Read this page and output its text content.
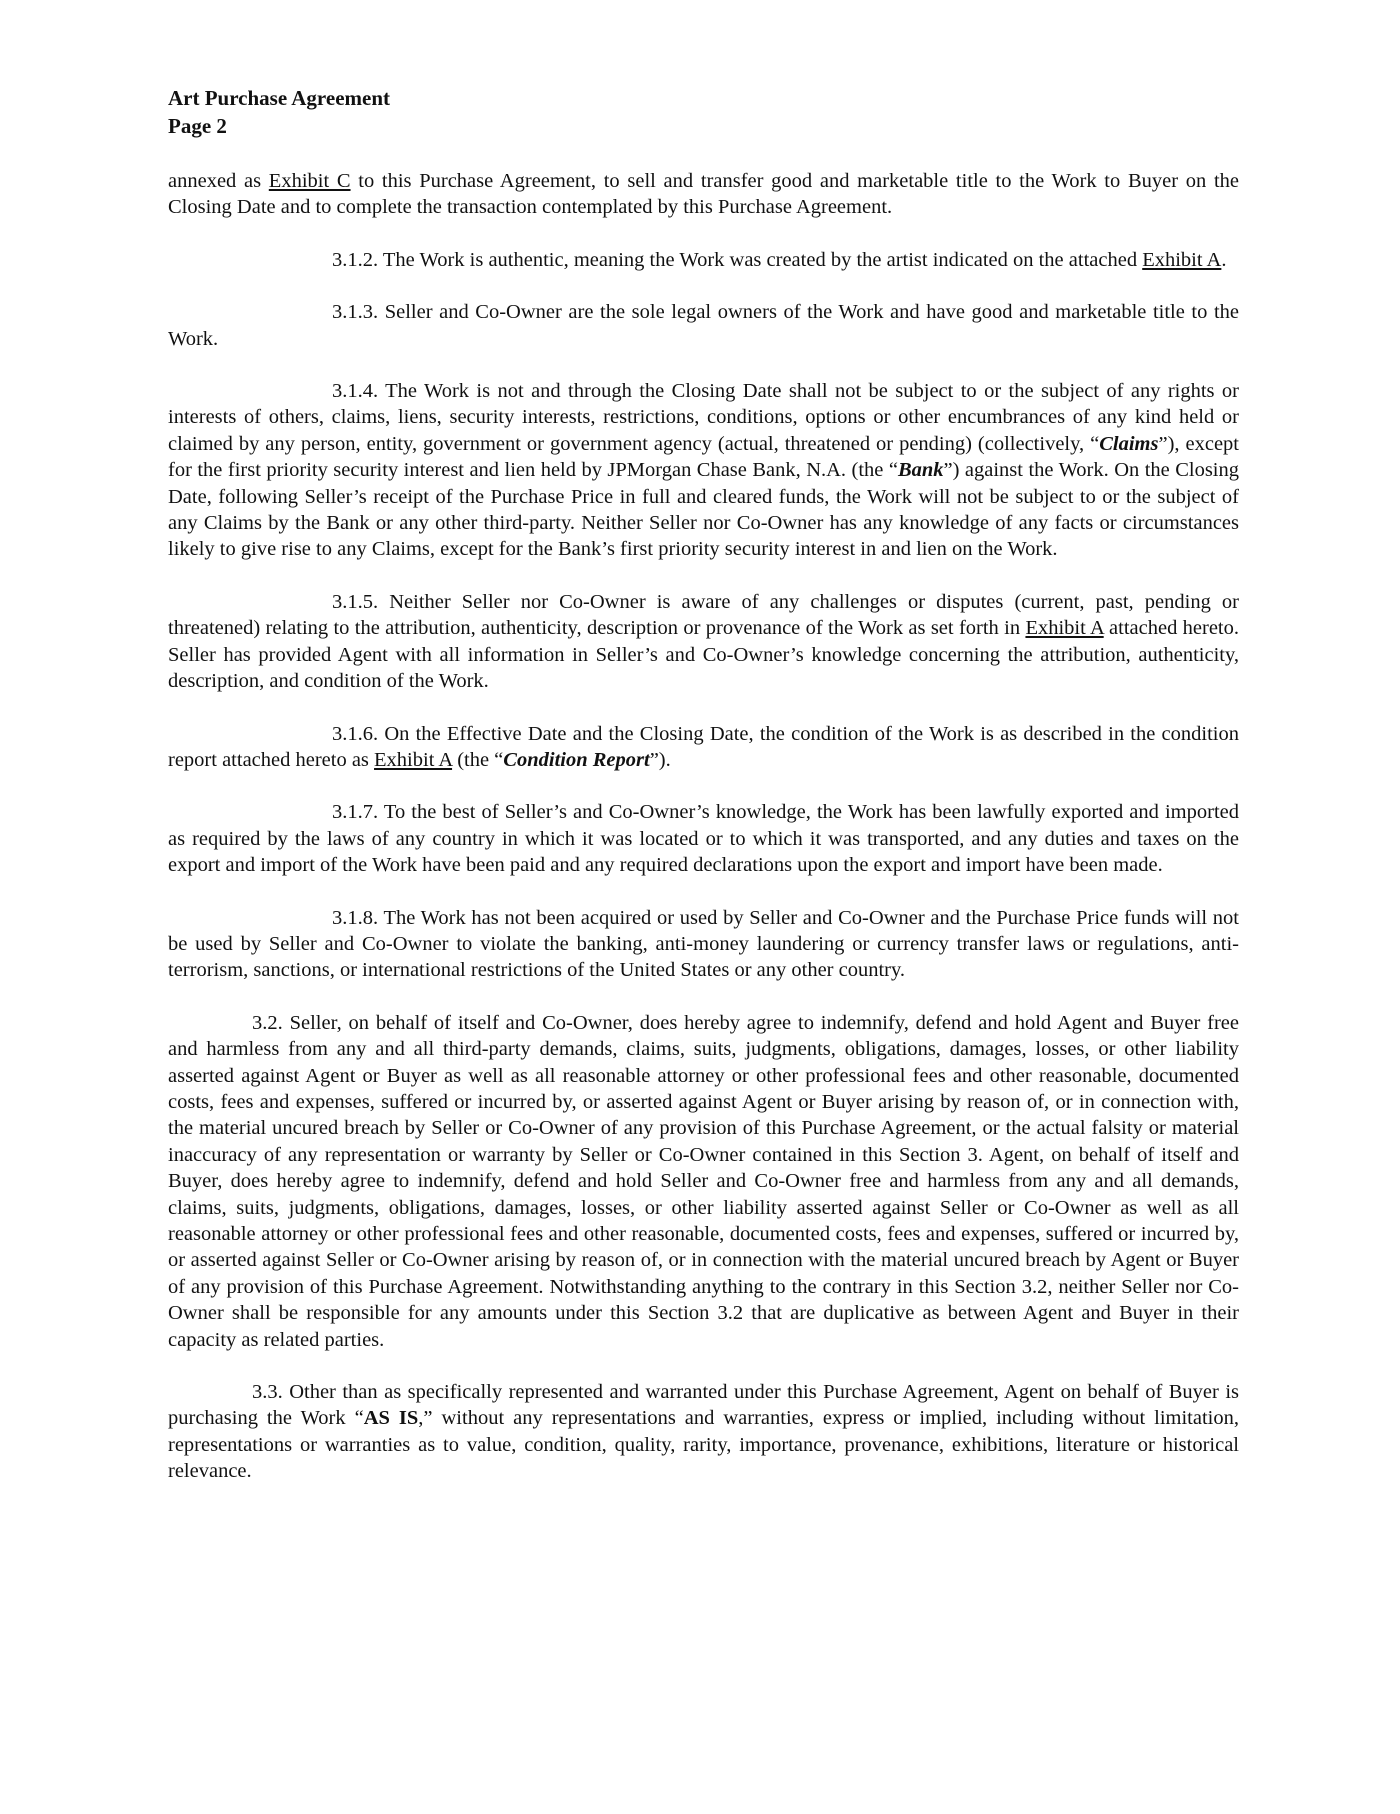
Art Purchase Agreement
Page 2

annexed as Exhibit C to this Purchase Agreement, to sell and transfer good and marketable title to the Work to Buyer on the Closing Date and to complete the transaction contemplated by this Purchase Agreement.

3.1.2. The Work is authentic, meaning the Work was created by the artist indicated on the attached Exhibit A.

3.1.3. Seller and Co-Owner are the sole legal owners of the Work and have good and marketable title to the Work.

3.1.4. The Work is not and through the Closing Date shall not be subject to or the subject of any rights or interests of others, claims, liens, security interests, restrictions, conditions, options or other encumbrances of any kind held or claimed by any person, entity, government or government agency (actual, threatened or pending) (collectively, “Claims”), except for the first priority security interest and lien held by JPMorgan Chase Bank, N.A. (the “Bank”) against the Work. On the Closing Date, following Seller’s receipt of the Purchase Price in full and cleared funds, the Work will not be subject to or the subject of any Claims by the Bank or any other third-party. Neither Seller nor Co-Owner has any knowledge of any facts or circumstances likely to give rise to any Claims, except for the Bank’s first priority security interest in and lien on the Work.

3.1.5. Neither Seller nor Co-Owner is aware of any challenges or disputes (current, past, pending or threatened) relating to the attribution, authenticity, description or provenance of the Work as set forth in Exhibit A attached hereto. Seller has provided Agent with all information in Seller’s and Co-Owner’s knowledge concerning the attribution, authenticity, description, and condition of the Work.

3.1.6. On the Effective Date and the Closing Date, the condition of the Work is as described in the condition report attached hereto as Exhibit A (the “Condition Report”).

3.1.7. To the best of Seller’s and Co-Owner’s knowledge, the Work has been lawfully exported and imported as required by the laws of any country in which it was located or to which it was transported, and any duties and taxes on the export and import of the Work have been paid and any required declarations upon the export and import have been made.

3.1.8. The Work has not been acquired or used by Seller and Co-Owner and the Purchase Price funds will not be used by Seller and Co-Owner to violate the banking, anti-money laundering or currency transfer laws or regulations, anti-terrorism, sanctions, or international restrictions of the United States or any other country.

3.2. Seller, on behalf of itself and Co-Owner, does hereby agree to indemnify, defend and hold Agent and Buyer free and harmless from any and all third-party demands, claims, suits, judgments, obligations, damages, losses, or other liability asserted against Agent or Buyer as well as all reasonable attorney or other professional fees and other reasonable, documented costs, fees and expenses, suffered or incurred by, or asserted against Agent or Buyer arising by reason of, or in connection with, the material uncured breach by Seller or Co-Owner of any provision of this Purchase Agreement, or the actual falsity or material inaccuracy of any representation or warranty by Seller or Co-Owner contained in this Section 3. Agent, on behalf of itself and Buyer, does hereby agree to indemnify, defend and hold Seller and Co-Owner free and harmless from any and all demands, claims, suits, judgments, obligations, damages, losses, or other liability asserted against Seller or Co-Owner as well as all reasonable attorney or other professional fees and other reasonable, documented costs, fees and expenses, suffered or incurred by, or asserted against Seller or Co-Owner arising by reason of, or in connection with the material uncured breach by Agent or Buyer of any provision of this Purchase Agreement. Notwithstanding anything to the contrary in this Section 3.2, neither Seller nor Co-Owner shall be responsible for any amounts under this Section 3.2 that are duplicative as between Agent and Buyer in their capacity as related parties.

3.3. Other than as specifically represented and warranted under this Purchase Agreement, Agent on behalf of Buyer is purchasing the Work “AS IS,” without any representations and warranties, express or implied, including without limitation, representations or warranties as to value, condition, quality, rarity, importance, provenance, exhibitions, literature or historical relevance.
